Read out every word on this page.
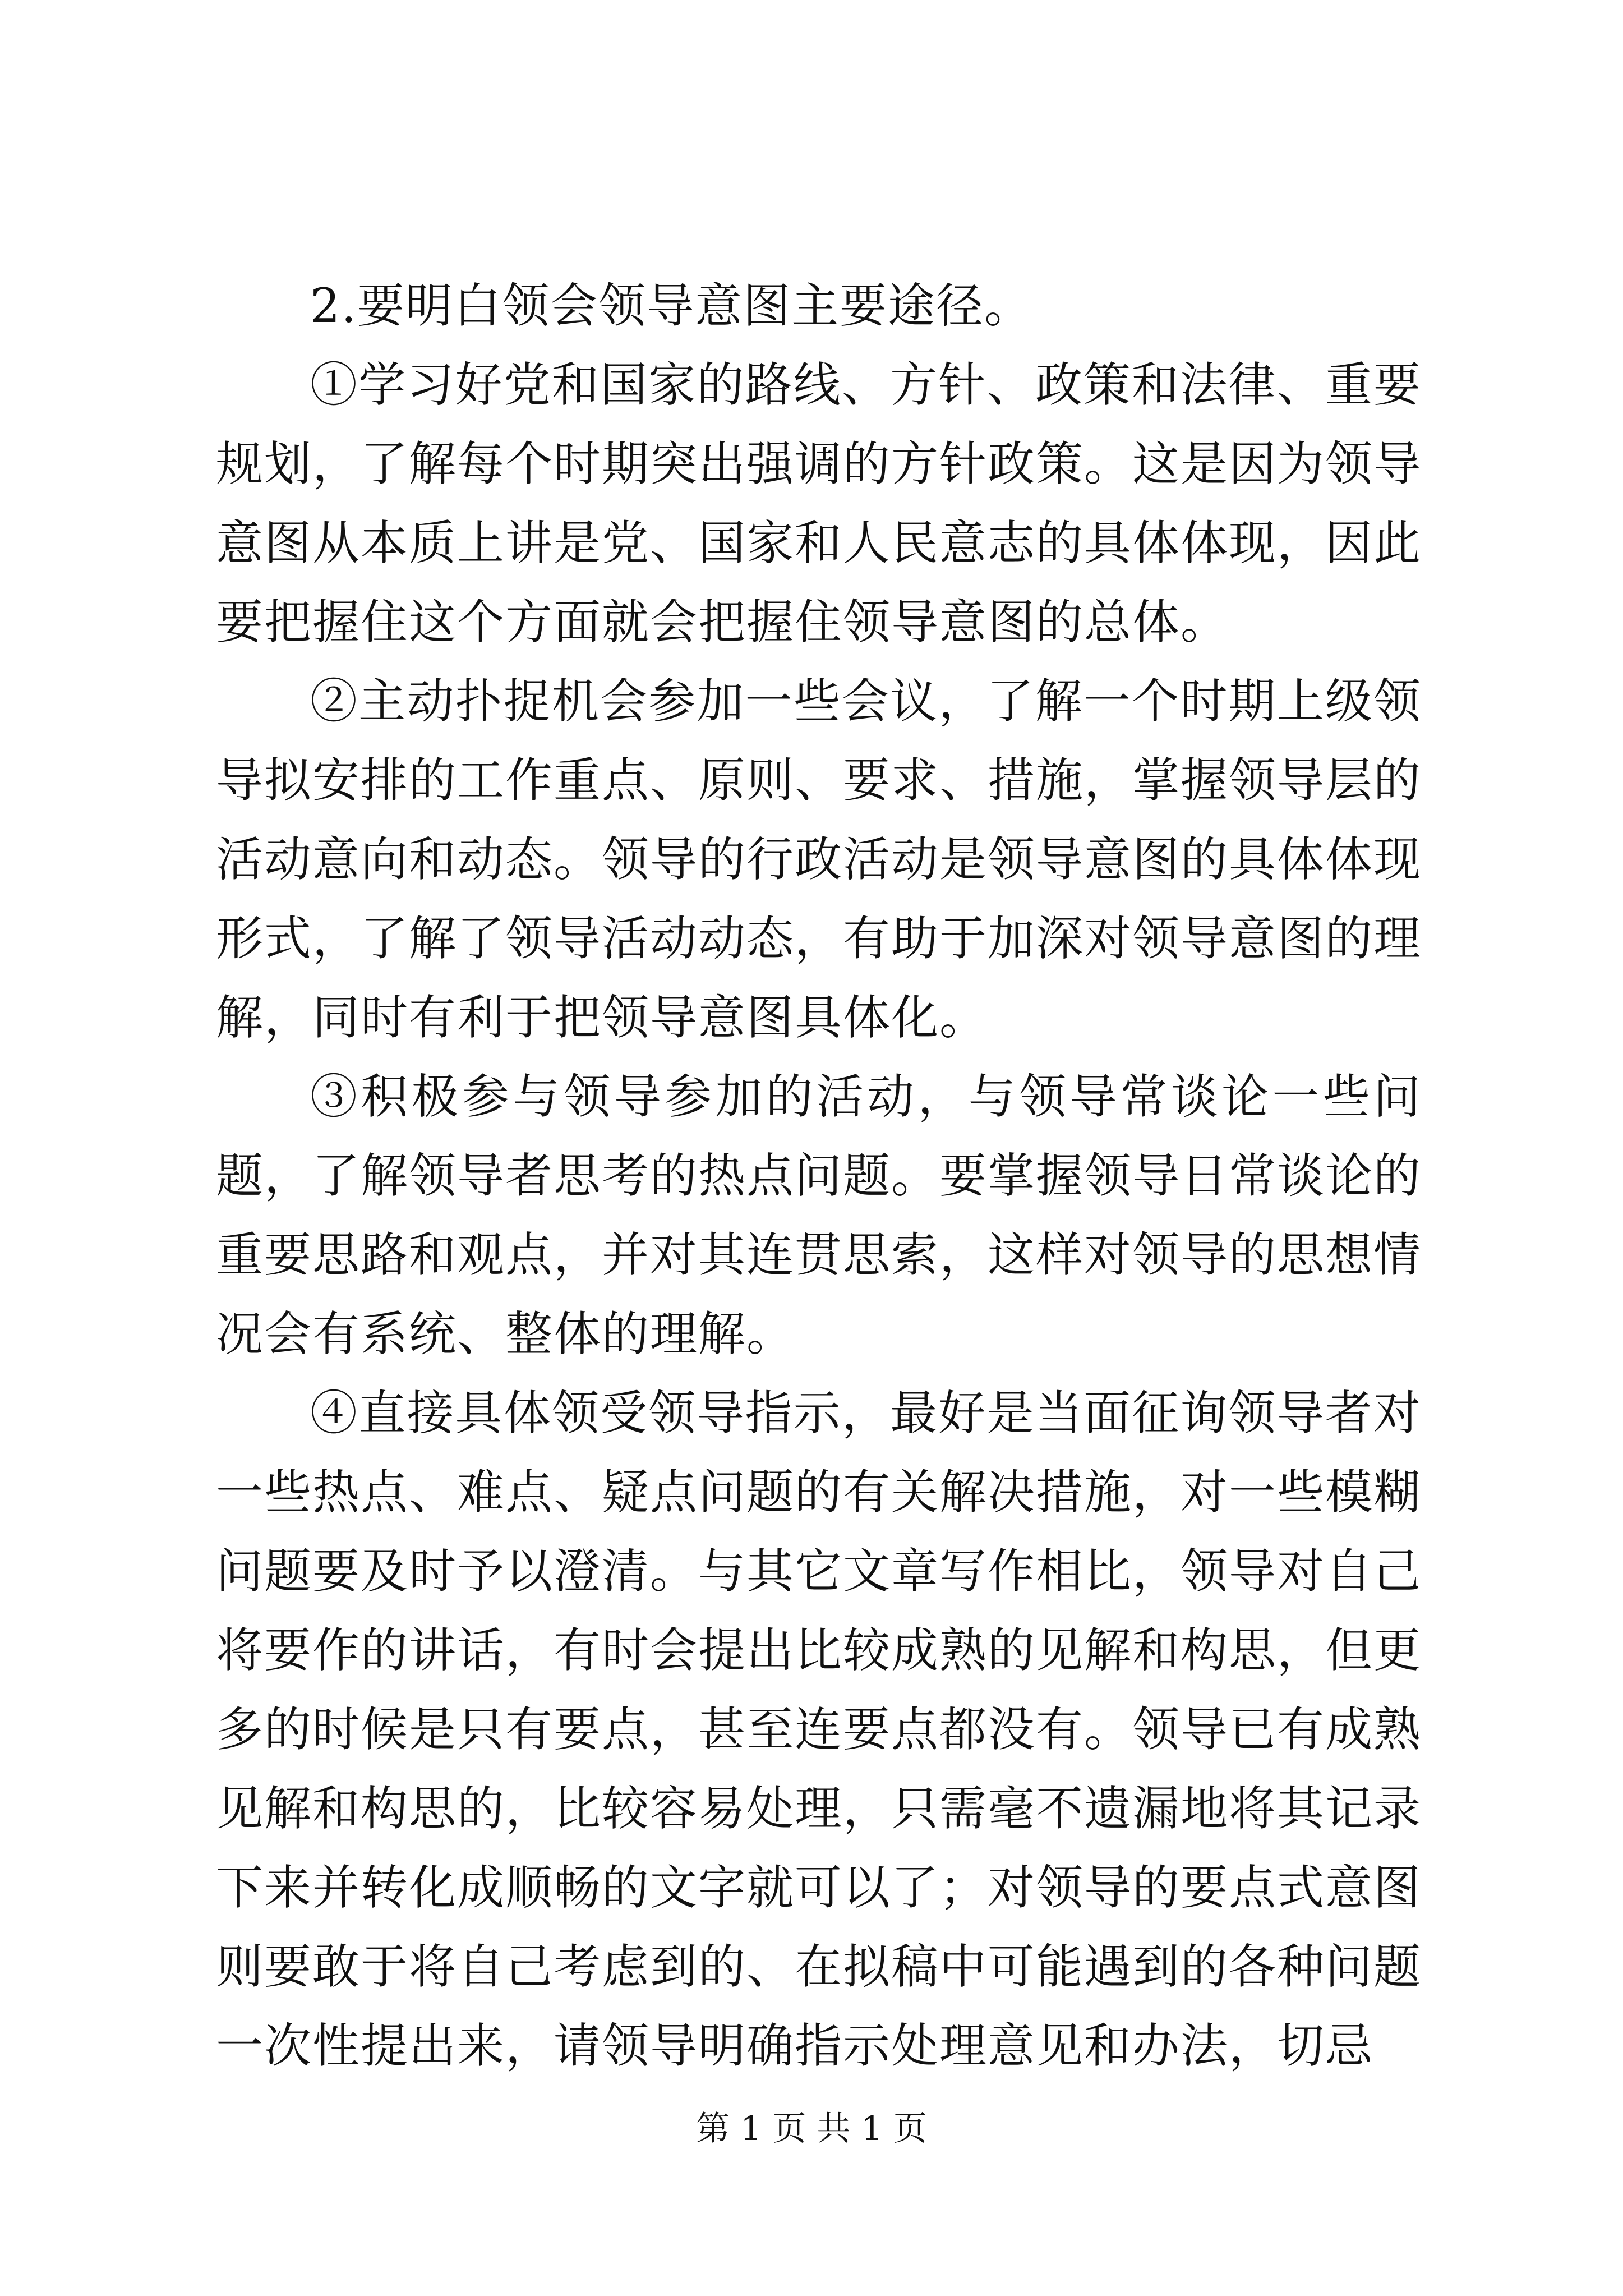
2.要明白领会领导意图主要途径。

①学习好党和国家的路线、方针、政策和法律、重要规划，了解每个时期突出强调的方针政策。这是因为领导意图从本质上讲是党、国家和人民意志的具体体现，因此要把握住这个方面就会把握住领导意图的总体。

②主动扑捉机会参加一些会议，了解一个时期上级领导拟安排的工作重点、原则、要求、措施，掌握领导层的活动意向和动态。领导的行政活动是领导意图的具体体现形式，了解了领导活动动态，有助于加深对领导意图的理解，同时有利于把领导意图具体化。

③积极参与领导参加的活动，与领导常谈论一些问题，了解领导者思考的热点问题。要掌握领导日常谈论的重要思路和观点，并对其连贯思索，这样对领导的思想情况会有系统、整体的理解。

④直接具体领受领导指示，最好是当面征询领导者对一些热点、难点、疑点问题的有关解决措施，对一些模糊问题要及时予以澄清。与其它文章写作相比，领导对自己将要作的讲话，有时会提出比较成熟的见解和构思，但更多的时候是只有要点，甚至连要点都没有。领导已有成熟见解和构思的，比较容易处理，只需毫不遗漏地将其记录下来并转化成顺畅的文字就可以了；对领导的要点式意图则要敢于将自己考虑到的、在拟稿中可能遇到的各种问题一次性提出来，请领导明确指示处理意见和办法，切忌

第 1 页 共 1 页
